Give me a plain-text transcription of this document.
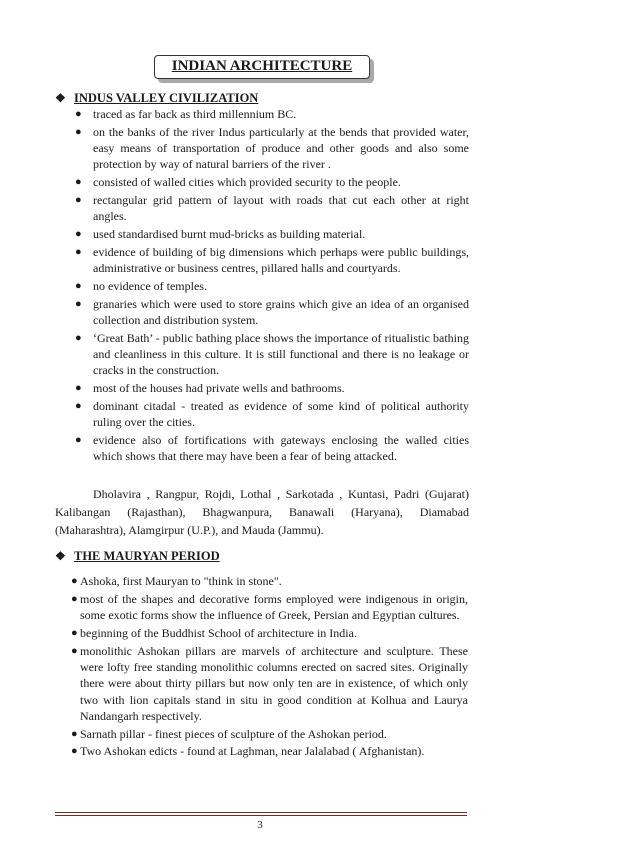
INDIAN ARCHITECTURE
❖ INDUS VALLEY CIVILIZATION
● traced as far back as third millennium BC.
● on the banks of the river Indus particularly at the bends that provided water, easy means of transportation of produce and other goods and also some protection by way of natural barriers of the river .
● consisted of walled cities which provided security to the people.
● rectangular grid pattern of layout with roads that cut each other at right angles.
● used standardised burnt mud-bricks as building material.
● evidence of building of big dimensions which perhaps were public buildings, administrative or business centres, pillared halls and courtyards.
● no evidence of temples.
● granaries which were used to store grains which give an idea of an organised collection and distribution system.
● ‘Great Bath’ - public bathing place shows the importance of ritualistic bathing and cleanliness in this culture. It is still functional and there is no leakage or cracks in the construction.
● most of the houses had private wells and bathrooms.
● dominant citadal - treated as evidence of some kind of political authority ruling over the cities.
● evidence also of fortifications with gateways enclosing the walled cities which shows that there may have been a fear of being attacked.
Dholavira , Rangpur, Rojdi, Lothal , Sarkotada , Kuntasi, Padri (Gujarat) Kalibangan (Rajasthan), Bhagwanpura, Banawali (Haryana), Diamabad (Maharashtra), Alamgirpur (U.P.), and Mauda (Jammu).
❖ THE MAURYAN PERIOD
● Ashoka, first Mauryan to "think in stone".
● most of the shapes and decorative forms employed were indigenous in origin, some exotic forms show the influence of Greek, Persian and Egyptian cultures.
● beginning of the Buddhist School of architecture in India.
● monolithic Ashokan pillars are marvels of architecture and sculpture. These were lofty free standing monolithic columns erected on sacred sites. Originally there were about thirty pillars but now only ten are in existence, of which only two with lion capitals stand in situ in good condition at Kolhua and Laurya Nandangarh respectively.
● Sarnath pillar - finest pieces of sculpture of the Ashokan period.
● Two Ashokan edicts - found at Laghman, near Jalalabad ( Afghanistan).
3
